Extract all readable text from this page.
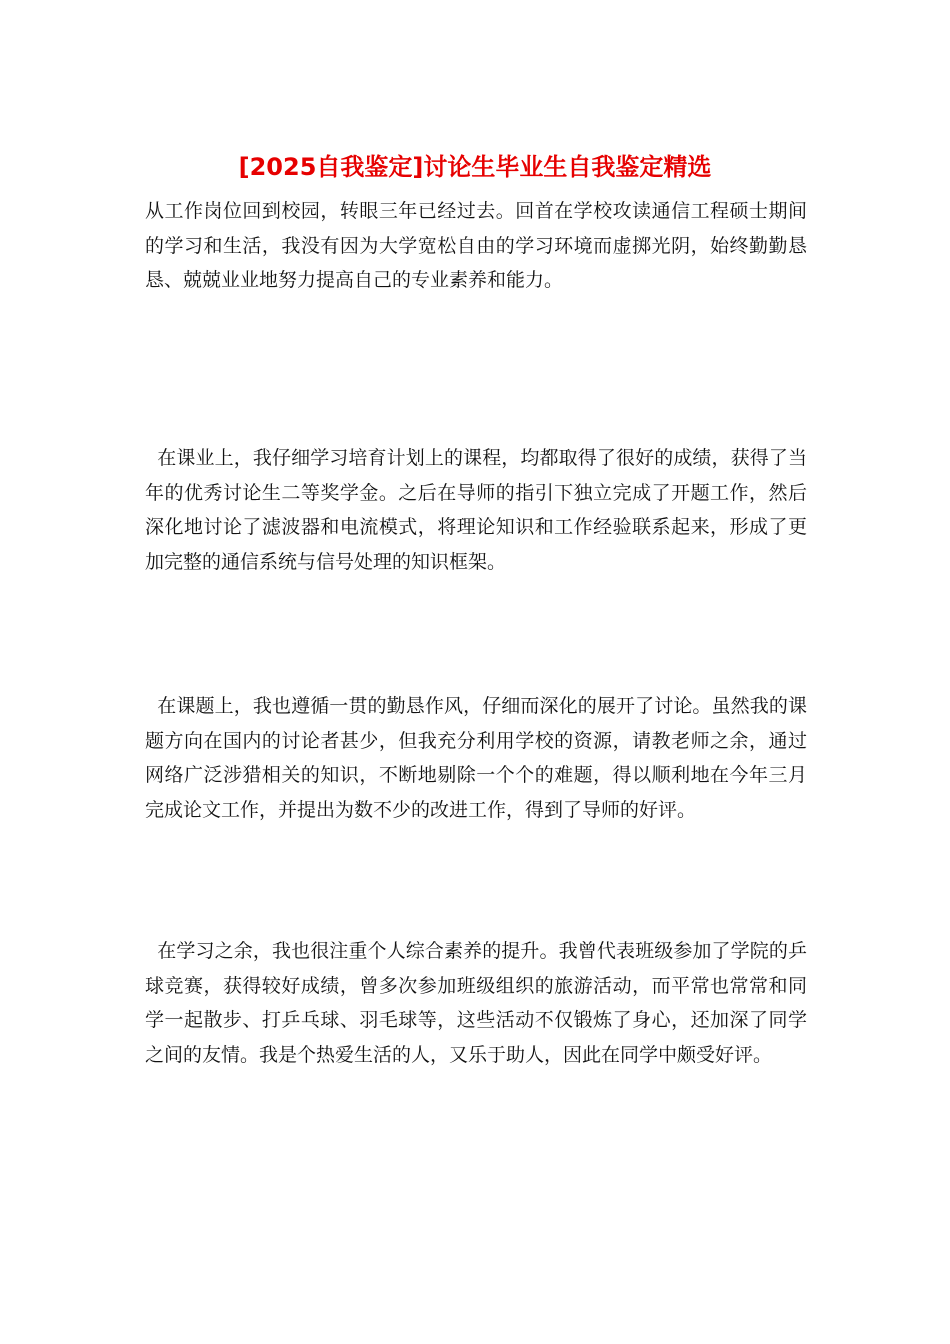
[2025自我鉴定]讨论生毕业生自我鉴定精选

从工作岗位回到校园，转眼三年已经过去。回首在学校攻读通信工程硕士期间的学习和生活，我没有因为大学宽松自由的学习环境而虚掷光阴，始终勤勤恳恳、兢兢业业地努力提高自己的专业素养和能力。

在课业上，我仔细学习培育计划上的课程，均都取得了很好的成绩，获得了当年的优秀讨论生二等奖学金。之后在导师的指引下独立完成了开题工作，然后深化地讨论了滤波器和电流模式，将理论知识和工作经验联系起来，形成了更加完整的通信系统与信号处理的知识框架。

在课题上，我也遵循一贯的勤恳作风，仔细而深化的展开了讨论。虽然我的课题方向在国内的讨论者甚少，但我充分利用学校的资源，请教老师之余，通过网络广泛涉猎相关的知识，不断地剔除一个个的难题，得以顺利地在今年三月完成论文工作，并提出为数不少的改进工作，得到了导师的好评。

在学习之余，我也很注重个人综合素养的提升。我曾代表班级参加了学院的乒球竞赛，获得较好成绩，曾多次参加班级组织的旅游活动，而平常也常常和同学一起散步、打乒乓球、羽毛球等，这些活动不仅锻炼了身心，还加深了同学之间的友情。我是个热爱生活的人，又乐于助人，因此在同学中颇受好评。
